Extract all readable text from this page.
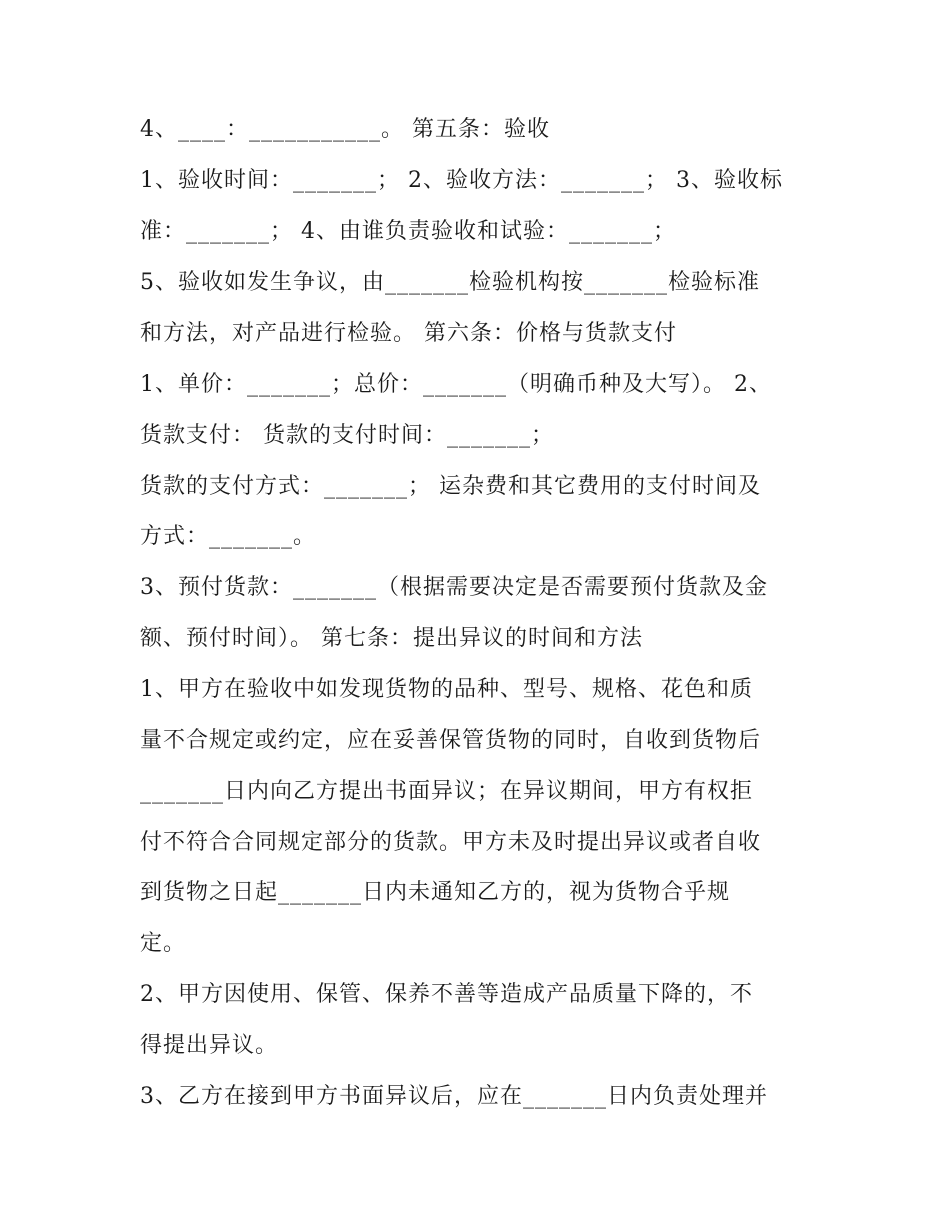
4、____：___________。 第五条：验收
1、验收时间：_______； 2、验收方法：_______； 3、验收标
准：_______； 4、由谁负责验收和试验：_______；
5、验收如发生争议，由_______检验机构按_______检验标准
和方法，对产品进行检验。 第六条：价格与货款支付
1、单价：_______；总价：_______（明确币种及大写）。 2、
货款支付： 货款的支付时间：_______；
货款的支付方式：_______； 运杂费和其它费用的支付时间及
方式：_______。
3、预付货款：_______（根据需要决定是否需要预付货款及金
额、预付时间）。 第七条：提出异议的时间和方法
1、甲方在验收中如发现货物的品种、型号、规格、花色和质
量不合规定或约定，应在妥善保管货物的同时，自收到货物后
_______日内向乙方提出书面异议；在异议期间，甲方有权拒
付不符合合同规定部分的货款。甲方未及时提出异议或者自收
到货物之日起_______日内未通知乙方的，视为货物合乎规
定。
2、甲方因使用、保管、保养不善等造成产品质量下降的，不
得提出异议。
3、乙方在接到甲方书面异议后，应在_______日内负责处理并
